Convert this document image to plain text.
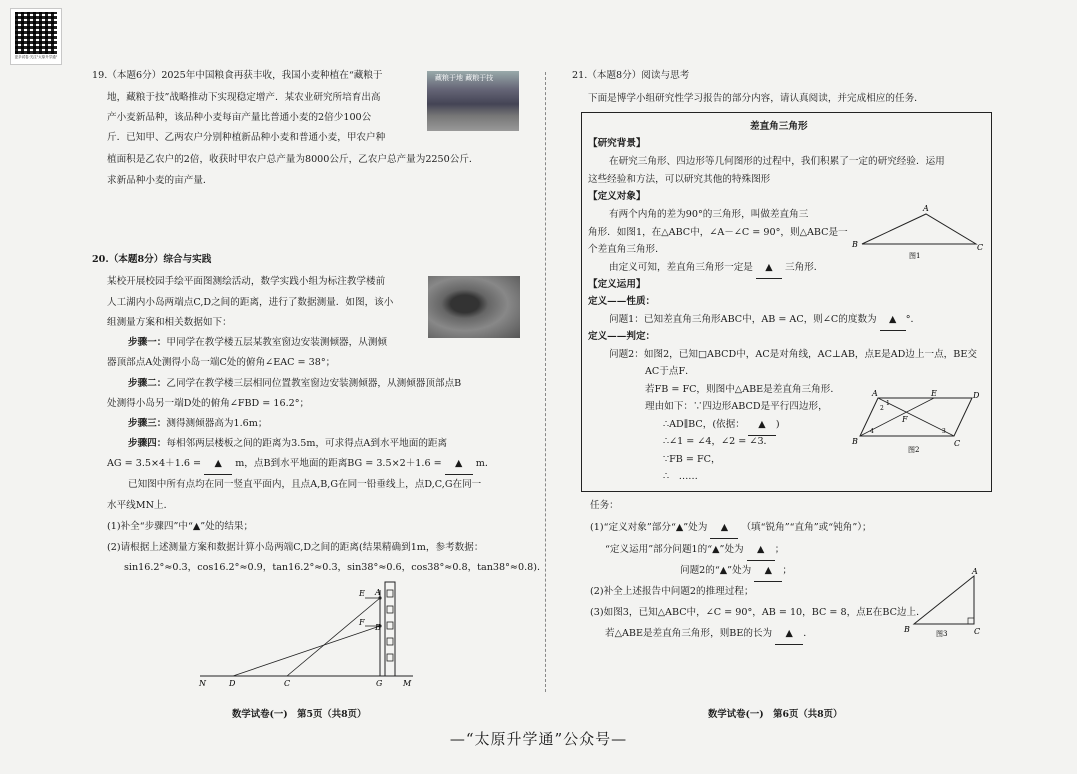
更多试卷·关注"太原升学通"
19.（本题6分）2025年中国粮食再获丰收，我国小麦种植在“藏粮于
地，藏粮于技”战略推动下实现稳定增产．某农业研究所培育出高
产小麦新品种，该品种小麦每亩产量比普通小麦的2倍少100公
斤．已知甲、乙两农户分别种植新品种小麦和普通小麦，甲农户种
植面积是乙农户的2倍，收获时甲农户总产量为8000公斤，乙农户总产量为2250公斤．
求新品种小麦的亩产量．
藏粮于地 藏粮于技
20.（本题8分）综合与实践
某校开展校园手绘平面图测绘活动，数学实践小组为标注教学楼前
人工湖内小岛两端点C,D之间的距离，进行了数据测量．如图，该小
组测量方案和相关数据如下：
步骤一：甲同学在教学楼五层某教室窗边安装测倾器，从测倾
器顶部点A处测得小岛一端C处的俯角∠EAC = 38°；
步骤二：乙同学在教学楼三层相同位置教室窗边安装测倾器，从测倾器顶部点B
处测得小岛另一端D处的俯角∠FBD = 16.2°；
步骤三：测得测倾器高为1.6m；
步骤四：每相邻两层楼板之间的距离为3.5m，可求得点A到水平地面的距离
AG = 3.5×4＋1.6 = ▲ m，点B到水平地面的距离BG = 3.5×2＋1.6 = ▲ m．
已知图中所有点均在同一竖直平面内，且点A,B,G在同一铅垂线上，点D,C,G在同一
水平线MN上．
(1)补全“步骤四”中“▲”处的结果；
(2)请根据上述测量方案和数据计算小岛两端C,D之间的距离(结果精确到1m，参考数据：
sin16.2°≈0.3，cos16.2°≈0.9，tan16.2°≈0.3，sin38°≈0.6，cos38°≈0.8，tan38°≈0.8)．
E A
F
B
N	D	C	G	M
数学试卷(一)　第5页（共8页）
21.（本题8分）阅读与思考
下面是博学小组研究性学习报告的部分内容，请认真阅读，并完成相应的任务．
差直角三角形
【研究背景】
在研究三角形、四边形等几何图形的过程中，我们积累了一定的研究经验．运用
这些经验和方法，可以研究其他的特殊图形
【定义对象】
有两个内角的差为90°的三角形，叫做差直角三
角形．如图1，在△ABC中，∠A－∠C = 90°，则△ABC是一
个差直角三角形．
由定义可知，差直角三角形一定是 ▲ 三角形．
A
B	C
图1
【定义运用】
定义——性质：
问题1：已知差直角三角形ABC中，AB = AC，则∠C的度数为 ▲ °．
定义——判定：
问题2：如图2，已知□ABCD中，AC是对角线，AC⊥AB，点E是AD边上一点，BE交
AC于点F．
若FB = FC，则图中△ABE是差直角三角形．
理由如下：∵四边形ABCD是平行四边形，
∴AD∥BC，(依据： ▲ )
∴∠1 = ∠4，∠2 = ∠3．
∵FB = FC，
∴　……
A	E	D
B	C
F
1
2
3
4
图2
任务：
(1)“定义对象”部分“▲”处为 ▲ （填“锐角”“直角”或“钝角”）；
“定义运用”部分问题1的“▲”处为 ▲ ；
问题2的“▲”处为 ▲ ；
(2)补全上述报告中问题2的推理过程；
(3)如图3，已知△ABC中，∠C = 90°，AB = 10，BC = 8，点E在BC边上．
若△ABE是差直角三角形，则BE的长为 ▲ ．
A
B	C
图3
数学试卷(一)　第6页（共8页）
—“太原升学通”公众号—
